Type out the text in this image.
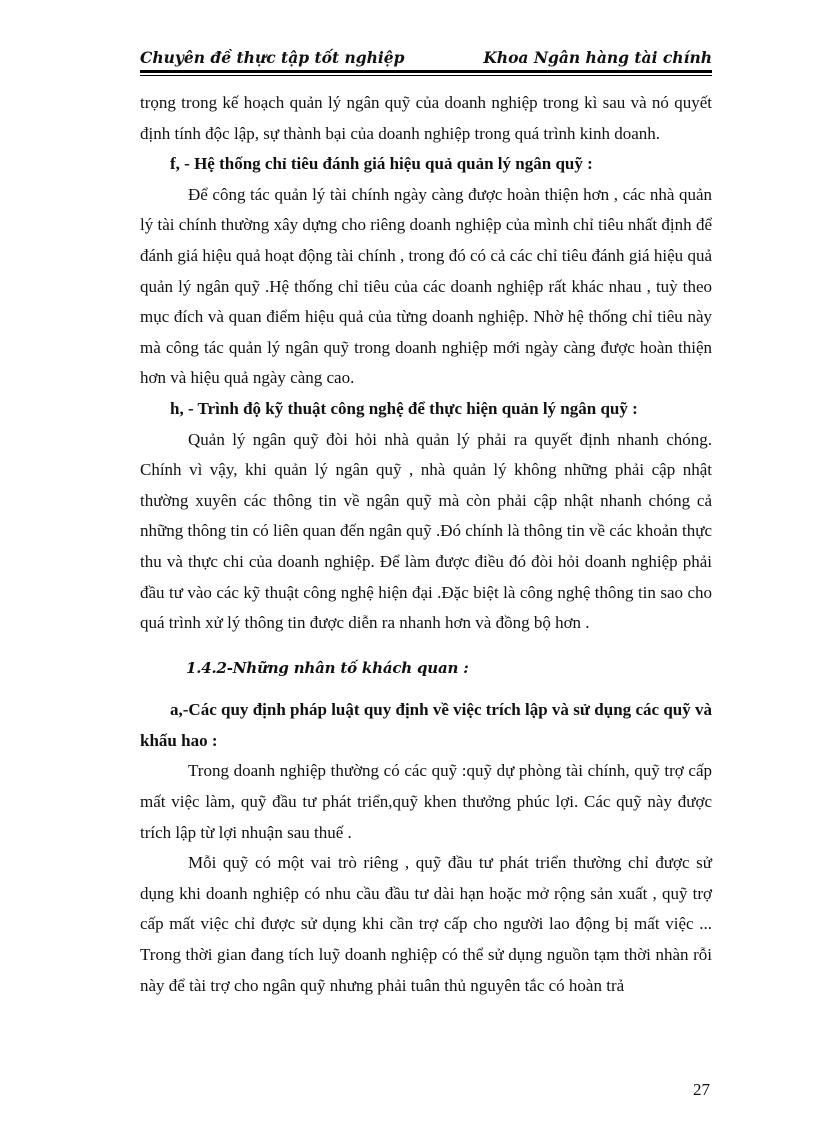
Chuyên đề thực tập tốt nghiệp	Khoa Ngân hàng tài chính

trọng trong kế hoạch quản lý ngân quỹ của doanh nghiệp trong kì sau và nó quyết định tính độc lập, sự thành bại của doanh nghiệp trong quá trình kinh doanh.

f, - Hệ thống chỉ tiêu đánh giá hiệu quả quản lý ngân quỹ :

Để công tác quản lý tài chính ngày càng được hoàn thiện hơn , các nhà quản lý tài chính thường xây dựng cho riêng doanh nghiệp của mình chỉ tiêu nhất định để đánh giá hiệu quả hoạt động tài chính , trong đó có cả các chỉ tiêu đánh giá hiệu quả quản lý ngân quỹ .Hệ thống chỉ tiêu của các doanh nghiệp rất khác nhau , tuỳ theo mục đích và quan điểm hiệu quả của từng doanh nghiệp. Nhờ hệ thống chỉ tiêu này mà công tác quản lý ngân quỹ trong doanh nghiệp mới ngày càng được hoàn thiện hơn và hiệu quả ngày càng cao.

h, - Trình độ kỹ thuật công nghệ để thực hiện quản lý ngân quỹ :

Quản lý ngân quỹ đòi hỏi nhà quản lý phải ra quyết định nhanh chóng. Chính vì vậy, khi quản lý ngân quỹ , nhà quản lý không những phải cập nhật thường xuyên các thông tin về ngân quỹ mà còn phải cập nhật nhanh chóng cả những thông tin có liên quan đến ngân quỹ .Đó chính là thông tin về các khoản thực thu và thực chi của doanh nghiệp. Để làm được điều đó đòi hỏi doanh nghiệp phải đầu tư vào các kỹ thuật công nghệ hiện đại .Đặc biệt là công nghệ thông tin sao cho quá trình xử lý thông tin được diễn ra nhanh hơn và đồng bộ hơn .

1.4.2-Những nhân tố khách quan :

a,-Các quy định pháp luật quy định về việc trích lập và sử dụng các quỹ và khấu hao :

Trong doanh nghiệp thường có các quỹ :quỹ dự phòng tài chính, quỹ trợ cấp mất việc làm, quỹ đầu tư phát triển,quỹ khen thưởng phúc lợi. Các quỹ này được trích lập từ lợi nhuận sau thuế .

Mỗi quỹ có một vai trò riêng , quỹ đầu tư phát triển thường chỉ được sử dụng khi doanh nghiệp có nhu cầu đầu tư dài hạn hoặc mở rộng sản xuất , quỹ trợ cấp mất việc chỉ được sử dụng khi cần trợ cấp cho người lao động bị mất việc ... Trong thời gian đang tích luỹ doanh nghiệp có thể sử dụng nguồn tạm thời nhàn rỗi này để tài trợ cho ngân quỹ nhưng phải tuân thủ nguyên tắc có hoàn trả

27
